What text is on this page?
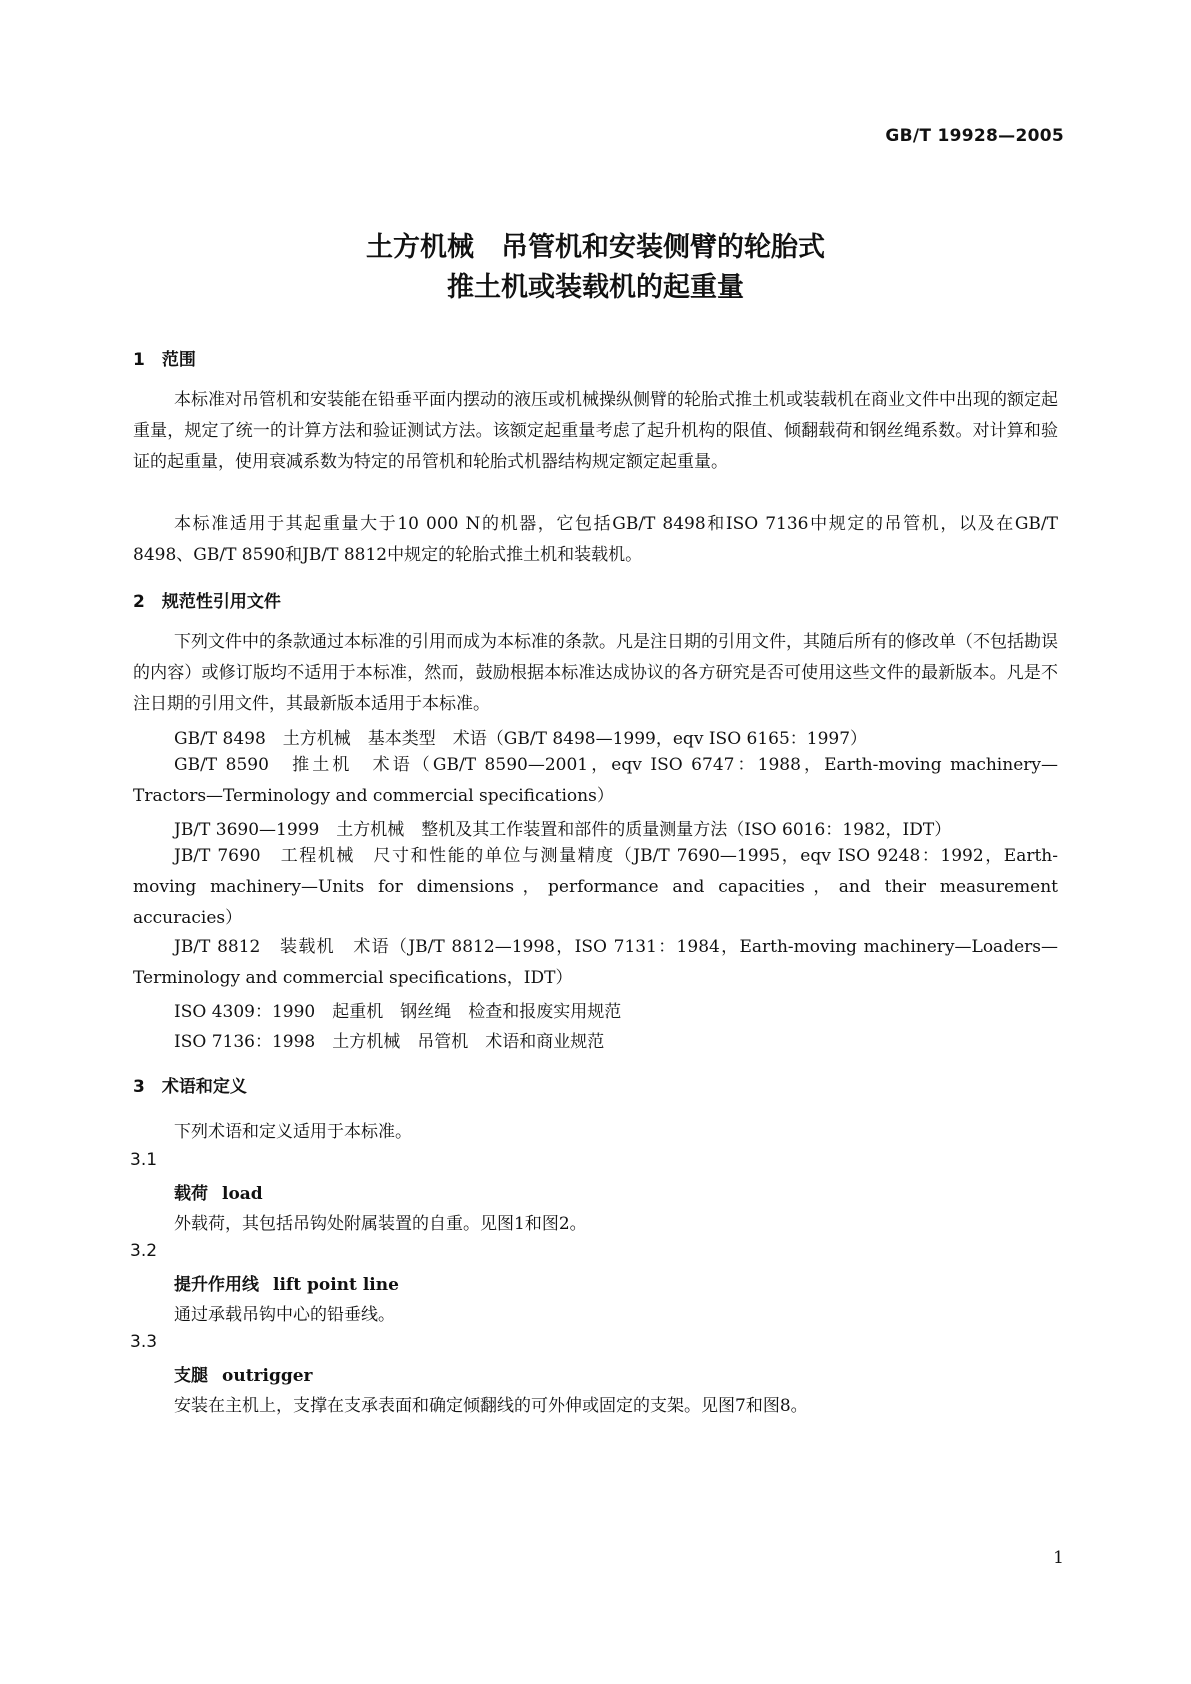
GB/T 19928—2005
土方机械　吊管机和安装侧臂的轮胎式
推土机或装载机的起重量
1　范围
本标准对吊管机和安装能在铅垂平面内摆动的液压或机械操纵侧臂的轮胎式推土机或装载机在商业文件中出现的额定起重量，规定了统一的计算方法和验证测试方法。该额定起重量考虑了起升机构的限值、倾翻载荷和钢丝绳系数。对计算和验证的起重量，使用衰减系数为特定的吊管机和轮胎式机器结构规定额定起重量。
本标准适用于其起重量大于10 000 N的机器，它包括GB/T 8498和ISO 7136中规定的吊管机，以及在GB/T 8498、GB/T 8590和JB/T 8812中规定的轮胎式推土机和装载机。
2　规范性引用文件
下列文件中的条款通过本标准的引用而成为本标准的条款。凡是注日期的引用文件，其随后所有的修改单（不包括勘误的内容）或修订版均不适用于本标准，然而，鼓励根据本标准达成协议的各方研究是否可使用这些文件的最新版本。凡是不注日期的引用文件，其最新版本适用于本标准。
GB/T 8498　土方机械　基本类型　术语（GB/T 8498—1999，eqv ISO 6165：1997）
GB/T 8590　推土机　术语（GB/T 8590—2001，eqv ISO 6747：1988，Earth-moving machinery—Tractors—Terminology and commercial specifications）
JB/T 3690—1999　土方机械　整机及其工作装置和部件的质量测量方法（ISO 6016：1982，IDT）
JB/T 7690　工程机械　尺寸和性能的单位与测量精度（JB/T 7690—1995，eqv ISO 9248：1992，Earth-moving machinery—Units for dimensions，performance and capacities，and their measurement accuracies）
JB/T 8812　装载机　术语（JB/T 8812—1998，ISO 7131：1984，Earth-moving machinery—Loaders—Terminology and commercial specifications，IDT）
ISO 4309：1990　起重机　钢丝绳　检查和报废实用规范
ISO 7136：1998　土方机械　吊管机　术语和商业规范
3　术语和定义
下列术语和定义适用于本标准。
3.1
载荷 load
外载荷，其包括吊钩处附属装置的自重。见图1和图2。
3.2
提升作用线 lift point line
通过承载吊钩中心的铅垂线。
3.3
支腿 outrigger
安装在主机上，支撑在支承表面和确定倾翻线的可外伸或固定的支架。见图7和图8。
1
